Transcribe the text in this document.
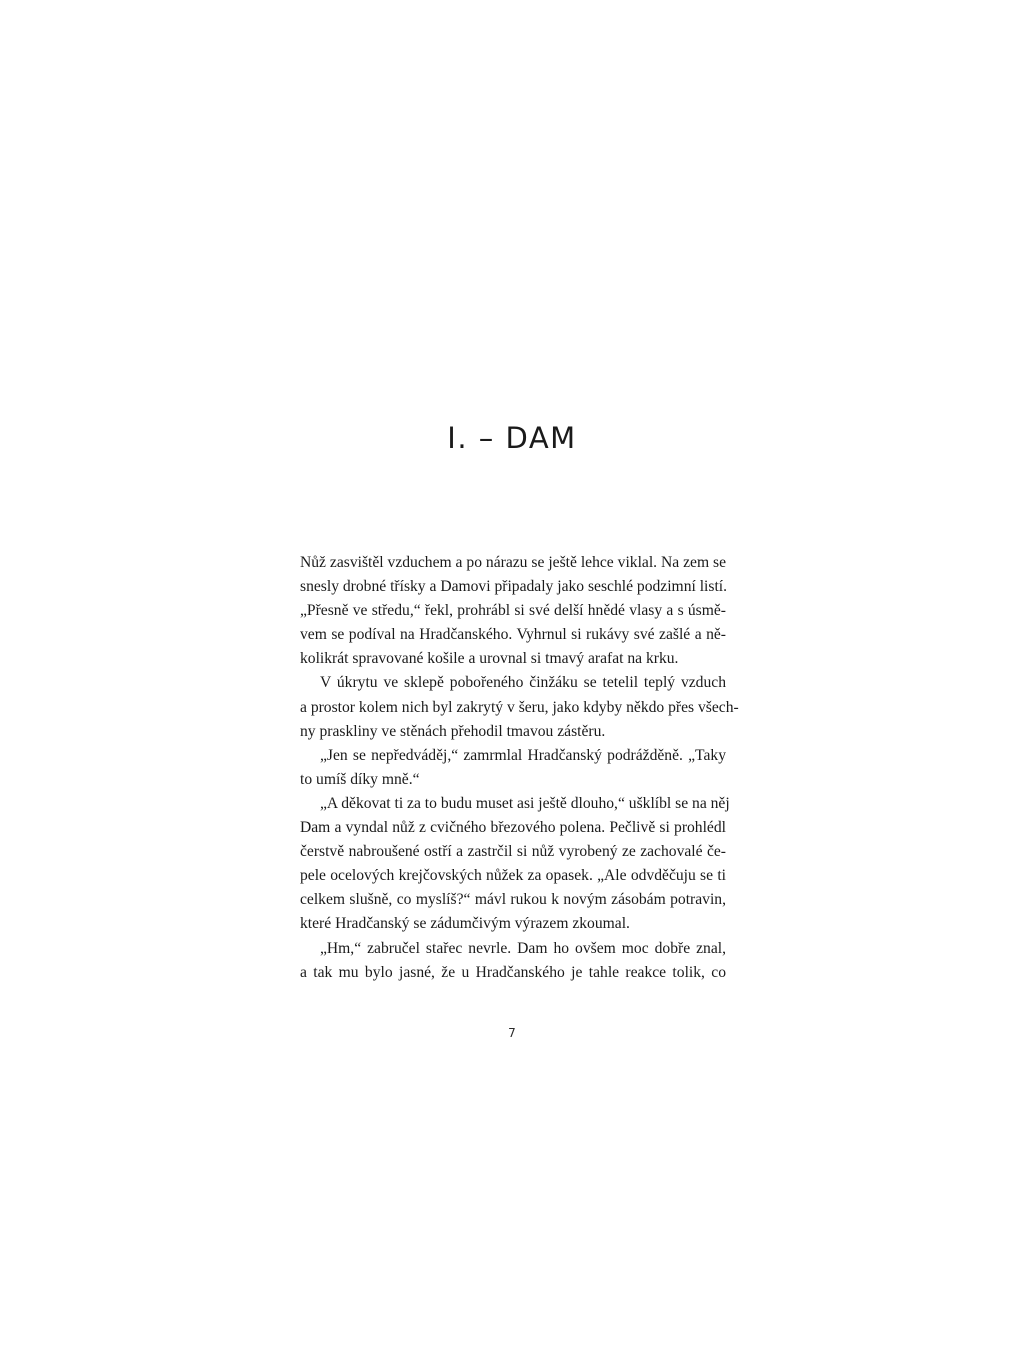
I. – DAM
Nůž zasvištěl vzduchem a po nárazu se ještě lehce viklal. Na zem se
snesly drobné třísky a Damovi připadaly jako seschlé podzimní listí.
„Přesně ve středu,“ řekl, prohrábl si své delší hnědé vlasy a s úsmě-
vem se podíval na Hradčanského. Vyhrnul si rukávy své zašlé a ně-
kolikrát spravované košile a urovnal si tmavý arafat na krku.
V úkrytu ve sklepě pobořeného činžáku se tetelil teplý vzduch
a prostor kolem nich byl zakrytý v šeru, jako kdyby někdo přes všech-
ny praskliny ve stěnách přehodil tmavou zástěru.
„Jen se nepředváděj,“ zamrmlal Hradčanský podrážděně. „Taky
to umíš díky mně.“
„A děkovat ti za to budu muset asi ještě dlouho,“ ušklíbl se na něj
Dam a vyndal nůž z cvičného březového polena. Pečlivě si prohlédl
čerstvě nabroušené ostří a zastrčil si nůž vyrobený ze zachovalé če-
pele ocelových krejčovských nůžek za opasek. „Ale odvděčuju se ti
celkem slušně, co myslíš?“ mávl rukou k novým zásobám potravin,
které Hradčanský se zádumčivým výrazem zkoumal.
„Hm,“ zabručel stařec nevrle. Dam ho ovšem moc dobře znal,
a tak mu bylo jasné, že u Hradčanského je tahle reakce tolik, co
7
